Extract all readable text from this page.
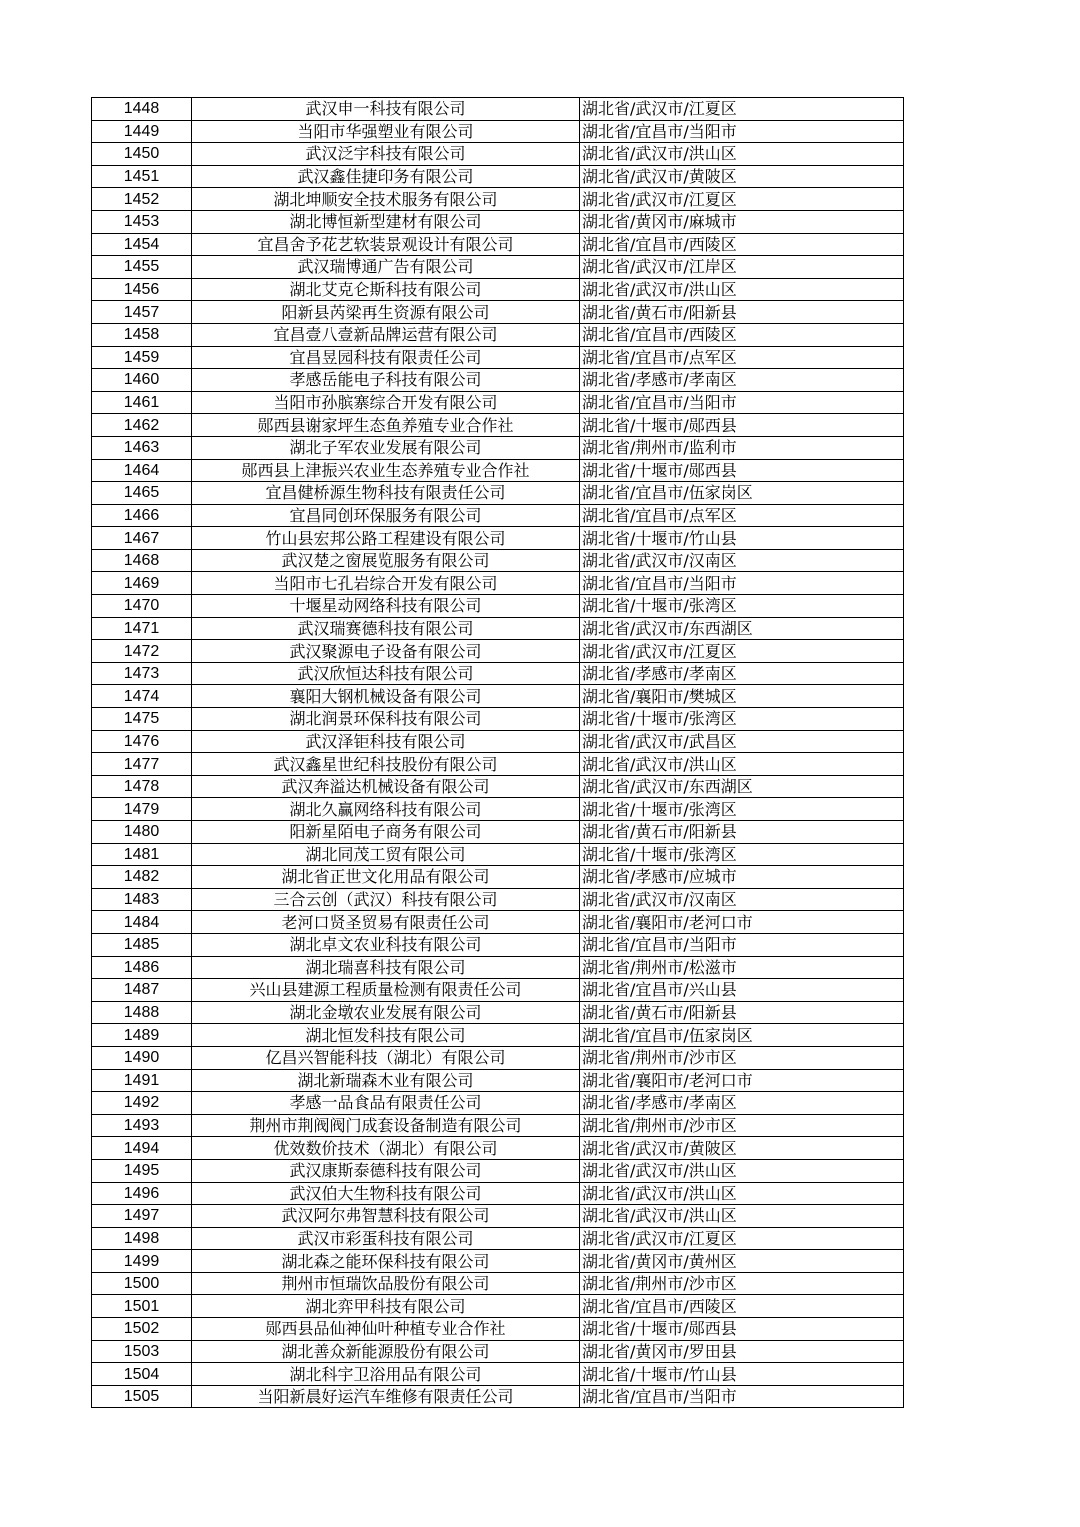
1448	武汉申一科技有限公司	湖北省/武汉市/江夏区
1449	当阳市华强塑业有限公司	湖北省/宜昌市/当阳市
1450	武汉泛宇科技有限公司	湖北省/武汉市/洪山区
1451	武汉鑫佳捷印务有限公司	湖北省/武汉市/黄陂区
1452	湖北坤顺安全技术服务有限公司	湖北省/武汉市/江夏区
1453	湖北博恒新型建材有限公司	湖北省/黄冈市/麻城市
1454	宜昌舍予花艺软装景观设计有限公司	湖北省/宜昌市/西陵区
1455	武汉瑞博通广告有限公司	湖北省/武汉市/江岸区
1456	湖北艾克仑斯科技有限公司	湖北省/武汉市/洪山区
1457	阳新县芮梁再生资源有限公司	湖北省/黄石市/阳新县
1458	宜昌壹八壹新品牌运营有限公司	湖北省/宜昌市/西陵区
1459	宜昌昱园科技有限责任公司	湖北省/宜昌市/点军区
1460	孝感岳能电子科技有限公司	湖北省/孝感市/孝南区
1461	当阳市孙膑寨综合开发有限公司	湖北省/宜昌市/当阳市
1462	郧西县谢家坪生态鱼养殖专业合作社	湖北省/十堰市/郧西县
1463	湖北子军农业发展有限公司	湖北省/荆州市/监利市
1464	郧西县上津振兴农业生态养殖专业合作社	湖北省/十堰市/郧西县
1465	宜昌健桥源生物科技有限责任公司	湖北省/宜昌市/伍家岗区
1466	宜昌同创环保服务有限公司	湖北省/宜昌市/点军区
1467	竹山县宏邦公路工程建设有限公司	湖北省/十堰市/竹山县
1468	武汉楚之窗展览服务有限公司	湖北省/武汉市/汉南区
1469	当阳市七孔岩综合开发有限公司	湖北省/宜昌市/当阳市
1470	十堰星动网络科技有限公司	湖北省/十堰市/张湾区
1471	武汉瑞赛德科技有限公司	湖北省/武汉市/东西湖区
1472	武汉聚源电子设备有限公司	湖北省/武汉市/江夏区
1473	武汉欣恒达科技有限公司	湖北省/孝感市/孝南区
1474	襄阳大钢机械设备有限公司	湖北省/襄阳市/樊城区
1475	湖北润景环保科技有限公司	湖北省/十堰市/张湾区
1476	武汉泽钜科技有限公司	湖北省/武汉市/武昌区
1477	武汉鑫星世纪科技股份有限公司	湖北省/武汉市/洪山区
1478	武汉奔溢达机械设备有限公司	湖北省/武汉市/东西湖区
1479	湖北久赢网络科技有限公司	湖北省/十堰市/张湾区
1480	阳新星陌电子商务有限公司	湖北省/黄石市/阳新县
1481	湖北同茂工贸有限公司	湖北省/十堰市/张湾区
1482	湖北省正世文化用品有限公司	湖北省/孝感市/应城市
1483	三合云创（武汉）科技有限公司	湖北省/武汉市/汉南区
1484	老河口贤圣贸易有限责任公司	湖北省/襄阳市/老河口市
1485	湖北卓文农业科技有限公司	湖北省/宜昌市/当阳市
1486	湖北瑞喜科技有限公司	湖北省/荆州市/松滋市
1487	兴山县建源工程质量检测有限责任公司	湖北省/宜昌市/兴山县
1488	湖北金墩农业发展有限公司	湖北省/黄石市/阳新县
1489	湖北恒发科技有限公司	湖北省/宜昌市/伍家岗区
1490	亿昌兴智能科技（湖北）有限公司	湖北省/荆州市/沙市区
1491	湖北新瑞森木业有限公司	湖北省/襄阳市/老河口市
1492	孝感一品食品有限责任公司	湖北省/孝感市/孝南区
1493	荆州市荆阀阀门成套设备制造有限公司	湖北省/荆州市/沙市区
1494	优效数价技术（湖北）有限公司	湖北省/武汉市/黄陂区
1495	武汉康斯泰德科技有限公司	湖北省/武汉市/洪山区
1496	武汉伯大生物科技有限公司	湖北省/武汉市/洪山区
1497	武汉阿尔弗智慧科技有限公司	湖北省/武汉市/洪山区
1498	武汉市彩蛋科技有限公司	湖北省/武汉市/江夏区
1499	湖北森之能环保科技有限公司	湖北省/黄冈市/黄州区
1500	荆州市恒瑞饮品股份有限公司	湖北省/荆州市/沙市区
1501	湖北弈甲科技有限公司	湖北省/宜昌市/西陵区
1502	郧西县品仙神仙叶种植专业合作社	湖北省/十堰市/郧西县
1503	湖北善众新能源股份有限公司	湖北省/黄冈市/罗田县
1504	湖北科宇卫浴用品有限公司	湖北省/十堰市/竹山县
1505	当阳新晨好运汽车维修有限责任公司	湖北省/宜昌市/当阳市
